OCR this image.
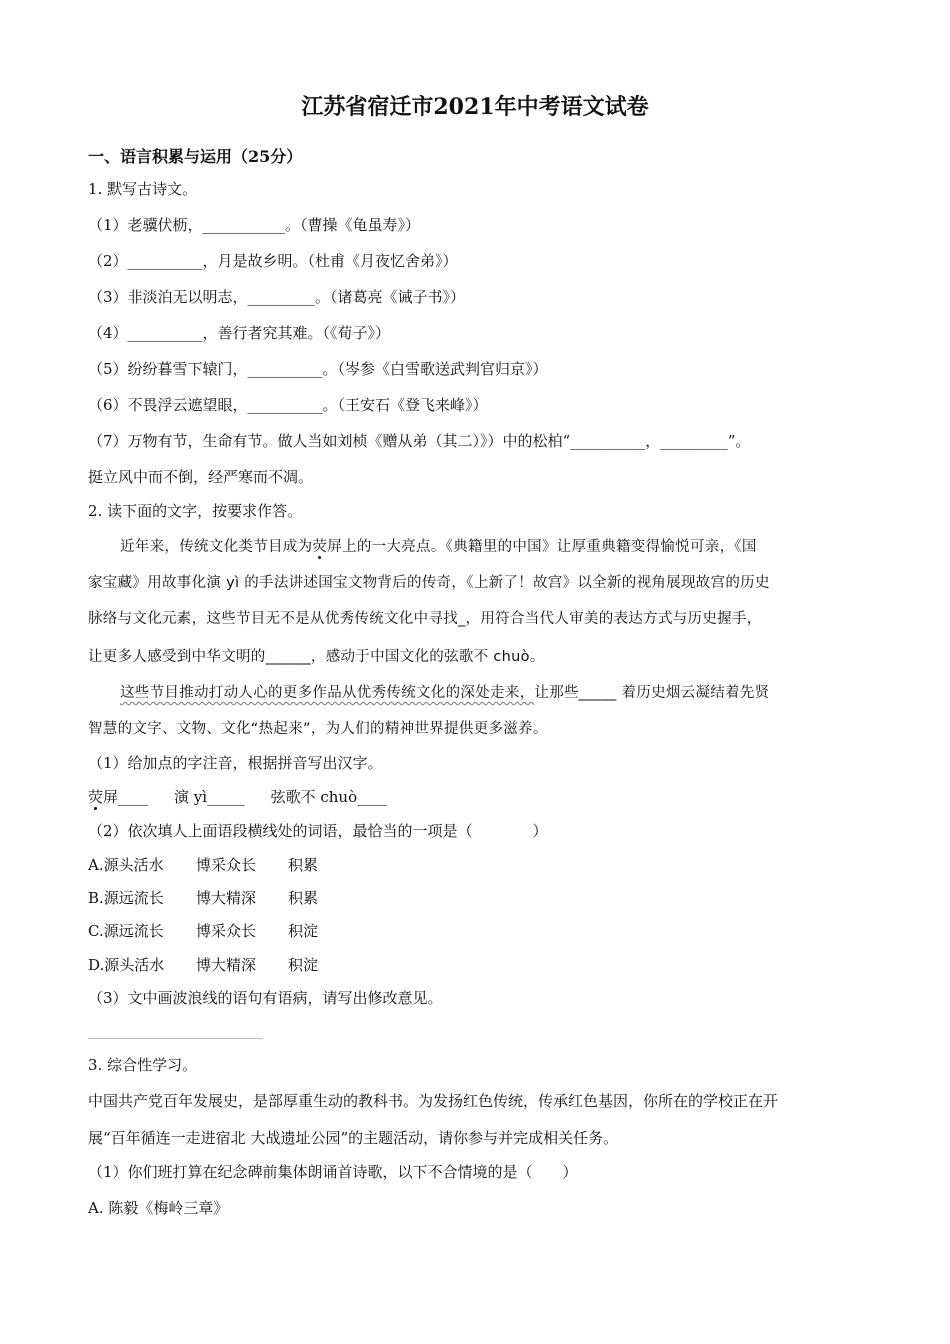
江苏省宿迁市2021年中考语文试卷
一、语言积累与运用（25分）
1. 默写古诗文。
（1）老骥伏枥，___________。（曹操《龟虽寿》）
（2）__________，月是故乡明。（杜甫《月夜忆舍弟》）
（3）非淡泊无以明志，_________。（诸葛亮《诫子书》）
（4）__________，善行者究其难。（《荀子》）
（5）纷纷暮雪下辕门，__________。（岑参《白雪歌送武判官归京》）
（6）不畏浮云遮望眼，__________。（王安石《登飞来峰》）
（7）万物有节，生命有节。做人当如刘桢《赠从弟（其二）》）中的松柏“__________，_________”。
挺立风中而不倒，经严寒而不凋。
2. 读下面的文字，按要求作答。
近年来，传统文化类节目成为荧屏上的一大亮点。《典籍里的中国》让厚重典籍变得愉悦可亲，《国
家宝藏》用故事化演 yì 的手法讲述国宝文物背后的传奇，《上新了！故宫》以全新的视角展现故宫的历史
脉络与文化元素，这些节目无不是从优秀传统文化中寻找_，用符合当代人审美的表达方式与历史握手，
让更多人感受到中华文明的______，感动于中国文化的弦歌不 chuò。
这些节目推动打动人心的更多作品从优秀传统文化的深处走来，让那些_____ 着历史烟云凝结着先贤
智慧的文字、文物、文化“热起来”，为人们的精神世界提供更多滋养。
（1）给加点的字注音，根据拼音写出汉字。
荧屏____ 演 yì_____ 弦歌不 chuò____
（2）依次填人上面语段横线处的词语，最恰当的一项是（　　　　）
A.源头活水 博采众长 积累
B.源远流长 博大精深 积累
C.源远流长 博采众长 积淀
D.源头活水 博大精深 积淀
（3）文中画波浪线的语句有语病，请写出修改意见。
3. 综合性学习。
中国共产党百年发展史，是部厚重生动的教科书。为发扬红色传统，传承红色基因，你所在的学校正在开
展“百年循连一走进宿北 大战遗址公园”的主题活动，请你参与并完成相关任务。
（1）你们班打算在纪念碑前集体朗诵首诗歌，以下不合情境的是（　　）
A. 陈毅《梅岭三章》
